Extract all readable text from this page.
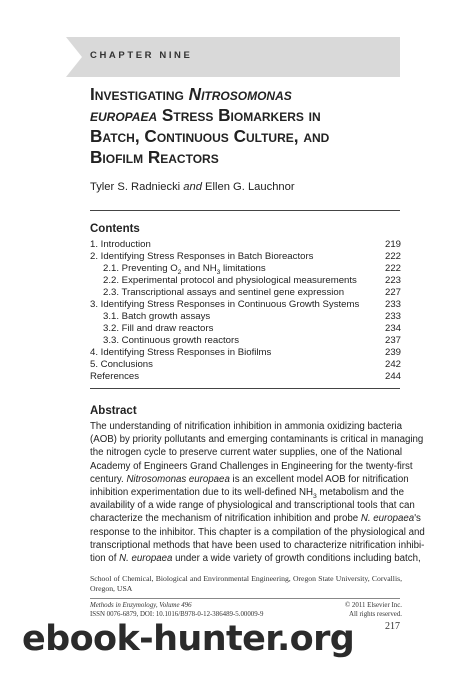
CHAPTER NINE
Investigating Nitrosomonas
europaea Stress Biomarkers in
Batch, Continuous Culture, and
Biofilm Reactors
Tyler S. Radniecki and Ellen G. Lauchnor
Contents
1. Introduction	219
2. Identifying Stress Responses in Batch Bioreactors	222
2.1. Preventing $O_2$ and $NH_3$ limitations	222
2.2. Experimental protocol and physiological measurements	223
2.3. Transcriptional assays and sentinel gene expression	227
3. Identifying Stress Responses in Continuous Growth Systems	233
3.1. Batch growth assays	233
3.2. Fill and draw reactors	234
3.3. Continuous growth reactors	237
4. Identifying Stress Responses in Biofilms	239
5. Conclusions	242
References	244
Abstract
The understanding of nitrification inhibition in ammonia oxidizing bacteria
(AOB) by priority pollutants and emerging contaminants is critical in managing
the nitrogen cycle to preserve current water supplies, one of the National
Academy of Engineers Grand Challenges in Engineering for the twenty-first
century. Nitrosomonas europaea is an excellent model AOB for nitrification
inhibition experimentation due to its well-defined $NH_3$ metabolism and the
availability of a wide range of physiological and transcriptional tools that can
characterize the mechanism of nitrification inhibition and probe N. europaea's
response to the inhibitor. This chapter is a compilation of the physiological and
transcriptional methods that have been used to characterize nitrification inhibi-
tion of N. europaea under a wide variety of growth conditions including batch,
School of Chemical, Biological and Environmental Engineering, Oregon State University, Corvallis,
Oregon, USA
Methods in Enzymology, Volume 496	© 2011 Elsevier Inc.
ISSN 0076-6879, DOI: 10.1016/B978-0-12-386489-5.00009-9	All rights reserved.
217
ebook-hunter.org
